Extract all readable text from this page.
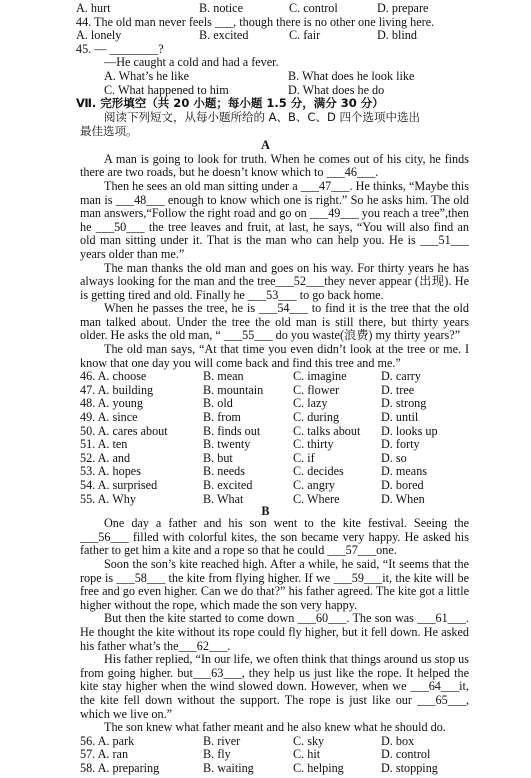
A. hurt	B. notice	C. control	D. prepare
44. The old man never feels ___, though there is no other one living here.
A. lonely	B. excited	C. fair	D. blind
45. — ________?
—He caught a cold and had a fever.
A. What’s he like	B. What does he look like
C. What happened to him	D. What does he do
Ⅶ. 完形填空（共 20 小题；每小题 1.5 分，满分 30 分）
阅读下列短文，从每小题所给的 A、B、C、D 四个选项中选出
最佳选项。
A

A man is going to look for truth. When he comes out of his city, he finds there are two roads, but he doesn’t know which to ___46___.

Then he sees an old man sitting under a ___47___. He thinks, “Maybe this man is ___48___ enough to know which one is right.” So he asks him. The old man answers,“Follow the right road and go on ___49___ you reach a tree”,then he ___50___ the tree leaves and fruit, at last, he says, “You will also find an old man sitting under it. That is the man who can help you. He is ___51___ years older than me.”

The man thanks the old man and goes on his way. For thirty years he has always looking for the man and the tree___52___they never appear (出现). He is getting tired and old. Finally he ___53___ to go back home.

When he passes the tree, he is ___54___ to find it is the tree that the old man talked about. Under the tree the old man is still there, but thirty years older. He asks the old man, “ ___55___ do you waste(浪费) my thirty years?”

The old man says, “At that time you even didn’t look at the tree or me. I know that one day you will come back and find this tree and me.”

46. A. choose	B. mean	C. imagine	D. carry
47. A. building	B. mountain	C. flower	D. tree
48. A. young	B. old	C. lazy	D. strong
49. A. since	B. from	C. during	D. until
50. A. cares about	B. finds out	C. talks about	D. looks up
51. A. ten	B. twenty	C. thirty	D. forty
52. A. and	B. but	C. if	D. so
53. A. hopes	B. needs	C. decides	D. means
54. A. surprised	B. excited	C. angry	D. bored
55. A. Why	B. What	C. Where	D. When
B

One day a father and his son went to the kite festival. Seeing the ___56___ filled with colorful kites, the son became very happy. He asked his father to get him a kite and a rope so that he could ___57___one.

Soon the son’s kite reached high. After a while, he said, “It seems that the rope is ___58___ the kite from flying higher. If we ___59___it, the kite will be free and go even higher. Can we do that?” his father agreed. The kite got a little higher without the rope, which made the son very happy.

But then the kite started to come down ___60___. The son was ___61___. He thought the kite without its rope could fly higher, but it fell down. He asked his father what’s the___62___.

His father replied, “In our life, we often think that things around us stop us from going higher. but___63___, they help us just like the rope. It helped the kite stay higher when the wind slowed down. However, when we ___64___it, the kite fell down without the support. The rope is just like our ___65___, which we live on.”

The son knew what father meant and he also knew what he should do.

56. A. park	B. river	C. sky	D. box
57. A. ran	B. fly	C. hit	D. control
58. A. preparing	B. waiting	C. helping	D. stopping
